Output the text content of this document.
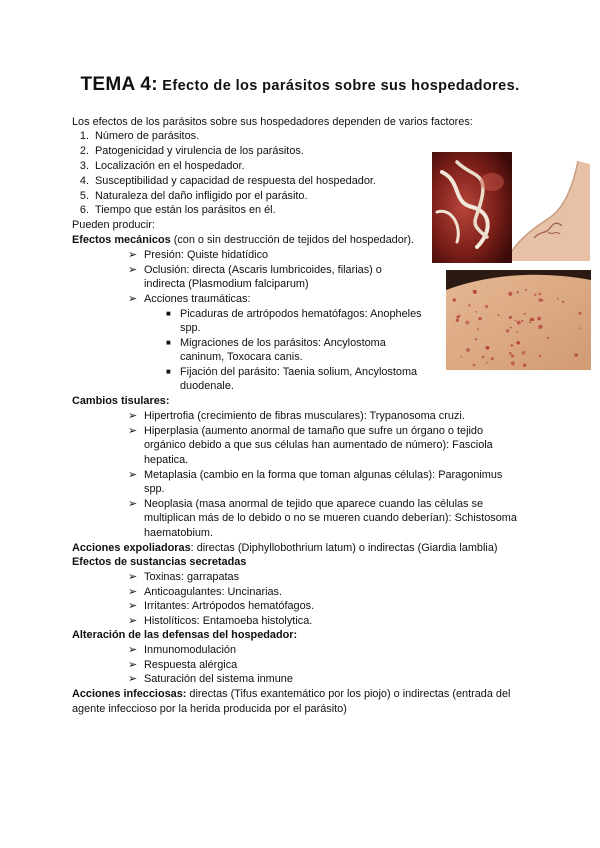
TEMA 4: Efecto de los parásitos sobre sus hospedadores.
Los efectos de los parásitos sobre sus hospedadores dependen de varios factores:
1. Número de parásitos.
2. Patogenicidad y virulencia de los parásitos.
3. Localización en el hospedador.
4. Susceptibilidad y capacidad de respuesta del hospedador.
5. Naturaleza del daño infligido por el parásito.
6. Tiempo que están los parásitos en él.
Pueden producir:
Efectos mecánicos (con o sin destrucción de tejidos del hospedador).
➢ Presión: Quiste hidatídico
➢ Oclusión: directa (Ascaris lumbricoides, filarias) o
indirecta (Plasmodium falciparum)
➢ Acciones traumáticas:
■ Picaduras de artrópodos hematófagos: Anopheles
spp.
■ Migraciones de los parásitos: Ancylostoma
caninum, Toxocara canis.
■ Fijación del parásito: Taenia solium, Ancylostoma
duodenale.
Cambios tisulares:
➢ Hipertrofia (crecimiento de fibras musculares): Trypanosoma cruzi.
➢ Hiperplasia (aumento anormal de tamaño que sufre un órgano o tejido
orgánico debido a que sus células han aumentado de número): Fasciola
hepatica.
➢ Metaplasia (cambio en la forma que toman algunas células): Paragonimus
spp.
➢ Neoplasia (masa anormal de tejido que aparece cuando las células se
multiplican más de lo debido o no se mueren cuando deberían): Schistosoma
haematobium.
Acciones expoliadoras: directas (Diphyllobothrium latum) o indirectas (Giardia lamblia)
Efectos de sustancias secretadas
➢ Toxinas: garrapatas
➢ Anticoagulantes: Uncinarias.
➢ Irritantes: Artrópodos hematófagos.
➢ Histolíticos: Entamoeba histolytica.
Alteración de las defensas del hospedador:
➢ Inmunomodulación
➢ Respuesta alérgica
➢ Saturación del sistema inmune
Acciones infecciosas: directas (Tifus exantemático por los piojo) o indirectas (entrada del
agente infeccioso por la herida producida por el parásito)
